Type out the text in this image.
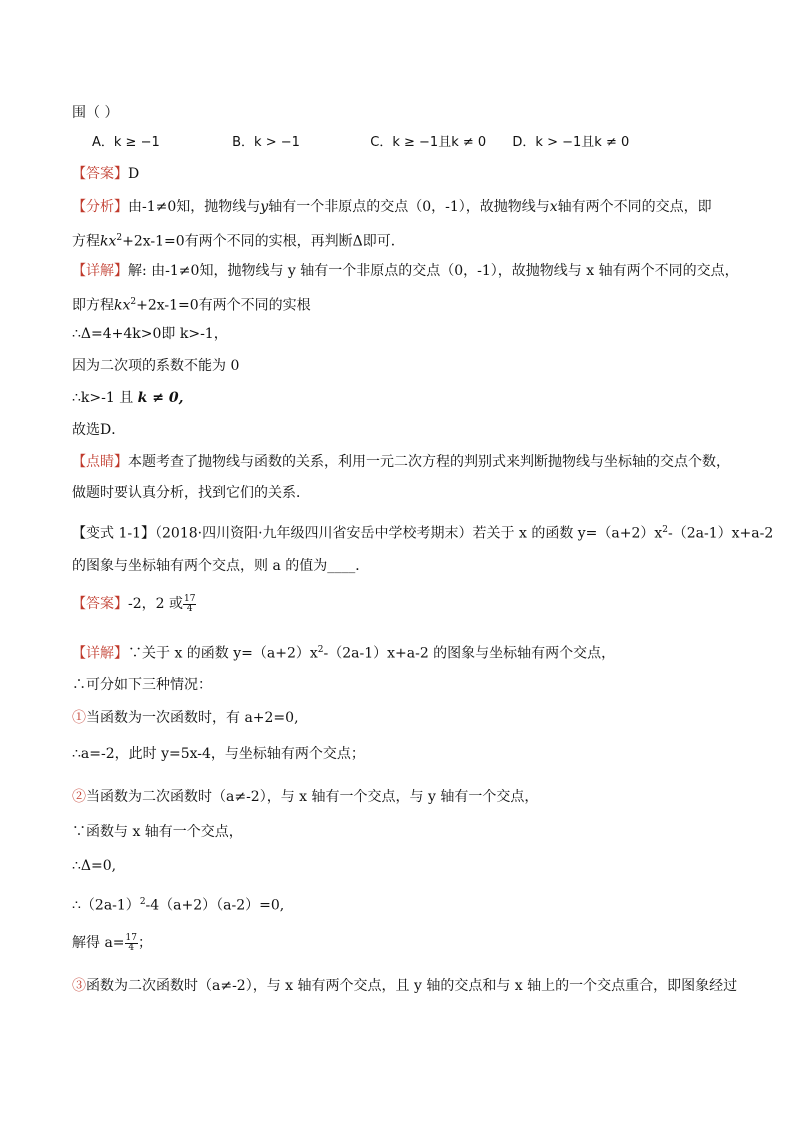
围（ ）
A．k ≥ −1	B．k > −1	C．k ≥ −1且k ≠ 0 D．k > −1且k ≠ 0
【答案】D
【分析】由-1≠0知，抛物线与y轴有一个非原点的交点（0，-1），故抛物线与x轴有两个不同的交点，即
方程$kx^2+2x-1=0$有两个不同的实根，再判断Δ即可．
【详解】解: 由-1≠0知，抛物线与 y 轴有一个非原点的交点（0，-1），故抛物线与 x 轴有两个不同的交点，
即方程$kx^2+2x-1=0$有两个不同的实根
∴Δ=4+4k>0即 k>-1，
因为二次项的系数不能为 0
∴k>-1 且 k ≠ 0,
故选D．
【点睛】本题考查了抛物线与函数的关系，利用一元二次方程的判别式来判断抛物线与坐标轴的交点个数，
做题时要认真分析，找到它们的关系．
【变式 1-1】（2018·四川资阳·九年级四川省安岳中学校考期末）若关于 x 的函数 $y=(a+2)x^2-(2a-1)x+a-2$
的图象与坐标轴有两个交点，则 a 的值为____．
【答案】-2，2 或 $\frac{17}{4}$
【详解】∵关于 x 的函数 $y=(a+2)x^2-(2a-1)x+a-2$ 的图象与坐标轴有两个交点，
∴可分如下三种情况：
①当函数为一次函数时，有 a+2=0,
∴a=-2，此时 y=5x-4，与坐标轴有两个交点；
②当函数为二次函数时（a≠-2），与 x 轴有一个交点，与 y 轴有一个交点，
∵函数与 x 轴有一个交点，
∴Δ=0,
$\therefore(2a-1)^2-4(a+2)(a-2)=0$,
解得 $a= \frac{17}{4}$ ；
③函数为二次函数时（a≠-2），与 x 轴有两个交点，且 y 轴的交点和与 x 轴上的一个交点重合，即图象经过
